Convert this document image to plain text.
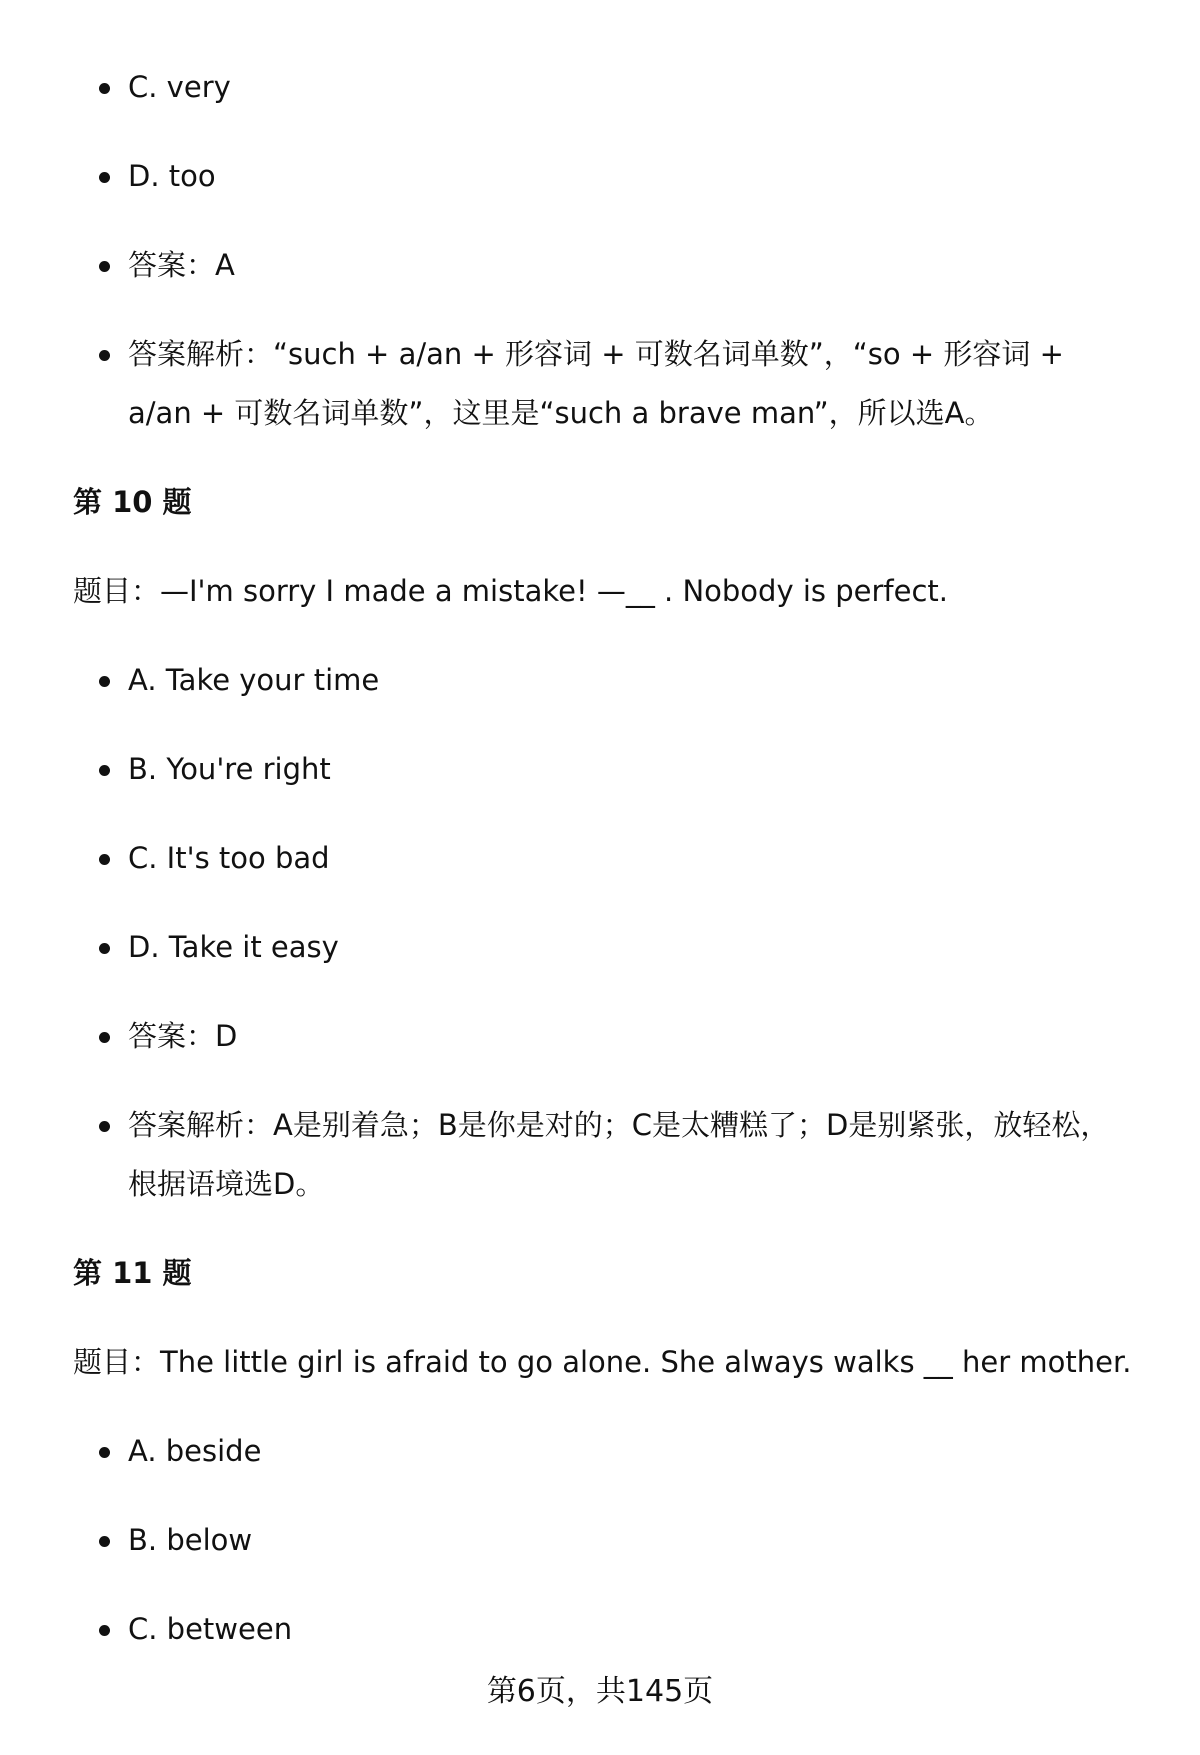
C. very
D. too
答案：A
答案解析：“such + a/an + 形容词 + 可数名词单数”，“so + 形容词 + a/an + 可数名词单数”，这里是“such a brave man”，所以选A。
第 10 题
题目：—I'm sorry I made a mistake! —__ . Nobody is perfect.
A. Take your time
B. You're right
C. It's too bad
D. Take it easy
答案：D
答案解析：A是别着急；B是你是对的；C是太糟糕了；D是别紧张，放轻松，根据语境选D。
第 11 题
题目：The little girl is afraid to go alone. She always walks __ her mother.
A. beside
B. below
C. between
第6页，共145页
